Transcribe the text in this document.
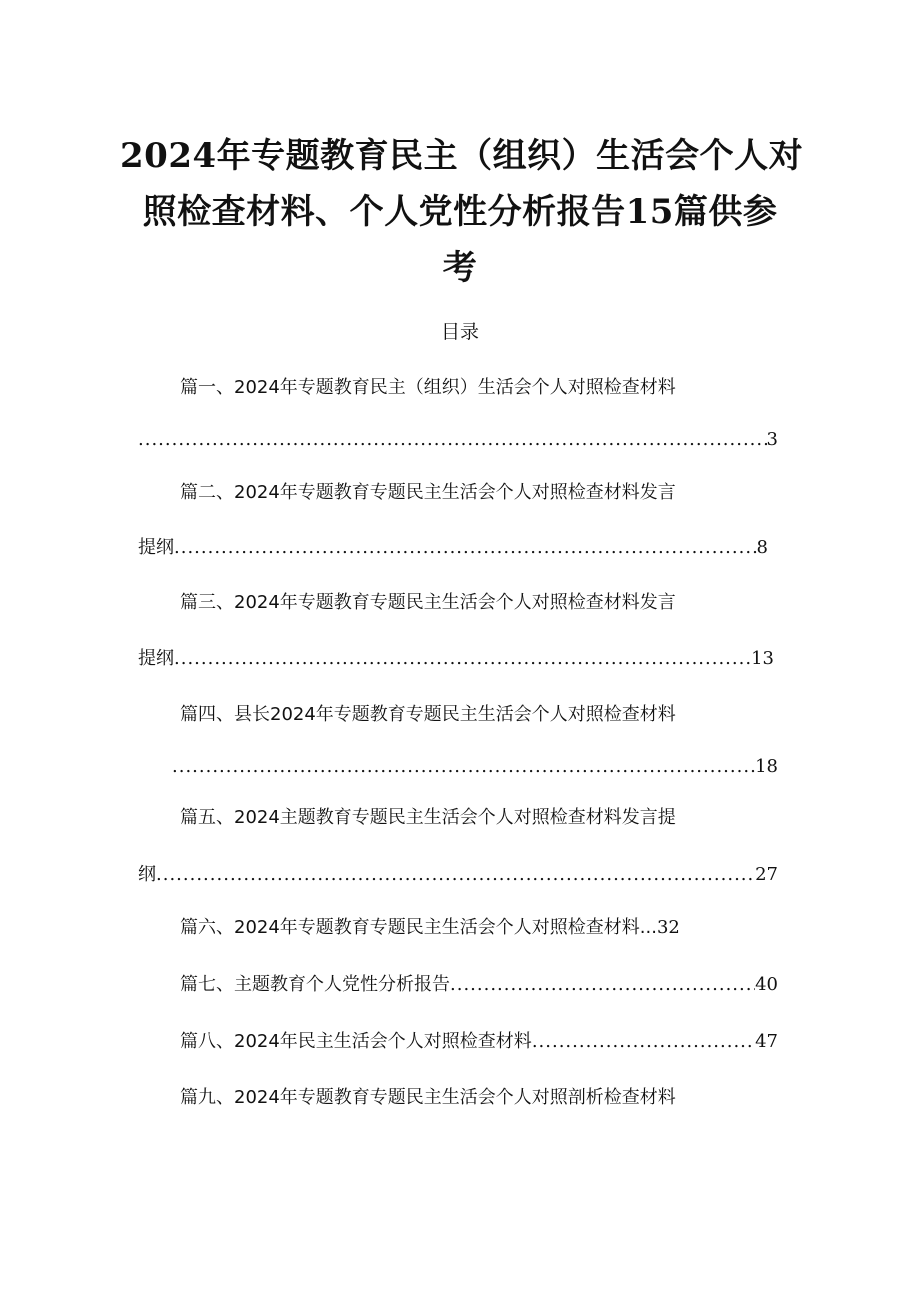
2024年专题教育民主（组织）生活会个人对
照检查材料、个人党性分析报告15篇供参
考
目录
篇一、2024年专题教育民主（组织）生活会个人对照检查材料
.....
3
篇二、2024年专题教育专题民主生活会个人对照检查材料发言
提纲 .....	8
篇三、2024年专题教育专题民主生活会个人对照检查材料发言
提纲 .....	13
篇四、县长2024年专题教育专题民主生活会个人对照检查材料
.....
18
篇五、2024主题教育专题民主生活会个人对照检查材料发言提
纲 .....	27
篇六、2024年专题教育专题民主生活会个人对照检查材料... 32
篇七、主题教育个人党性分析报告 .....	40
篇八、2024年民主生活会个人对照检查材料 .....	47
篇九、2024年专题教育专题民主生活会个人对照剖析检查材料
